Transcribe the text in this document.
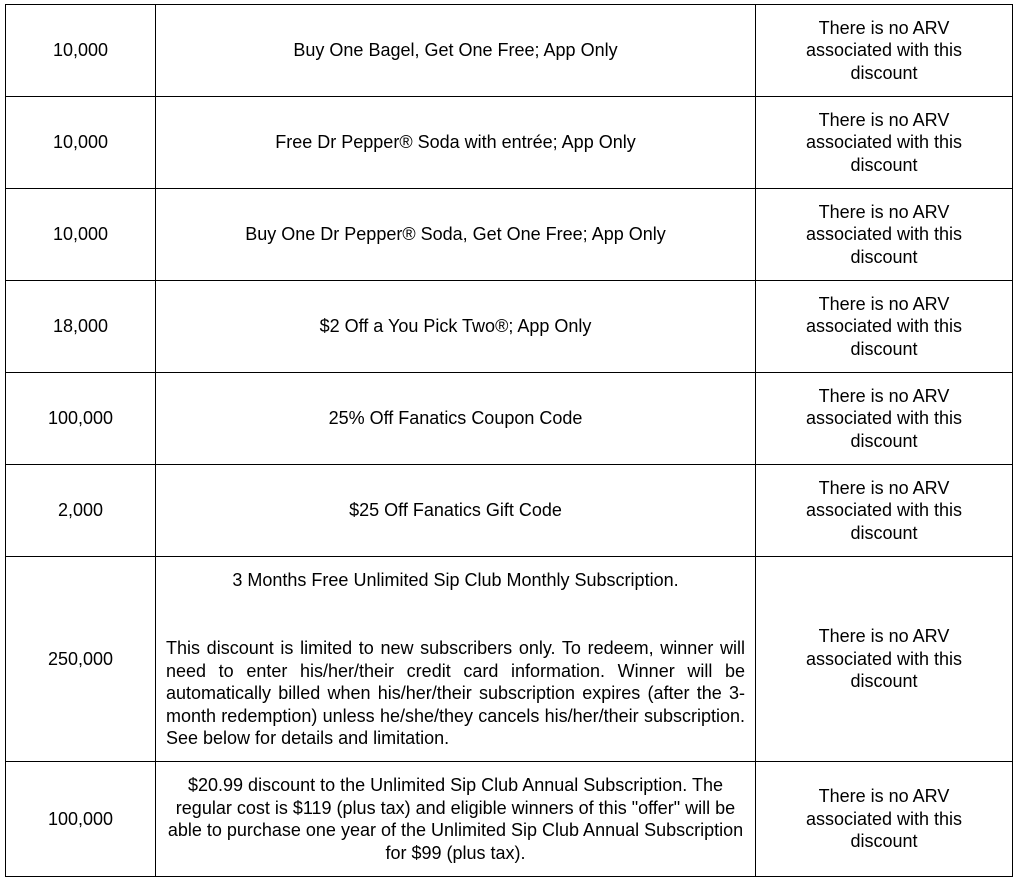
10,000	Buy One Bagel, Get One Free; App Only	There is no ARV associated with this discount

10,000	Free Dr Pepper® Soda with entrée; App Only	There is no ARV associated with this discount

10,000	Buy One Dr Pepper® Soda, Get One Free; App Only	There is no ARV associated with this discount

18,000	$2 Off a You Pick Two®; App Only	There is no ARV associated with this discount

100,000	25% Off Fanatics Coupon Code	There is no ARV associated with this discount

2,000	$25 Off Fanatics Gift Code	There is no ARV associated with this discount

250,000	3 Months Free Unlimited Sip Club Monthly Subscription.
This discount is limited to new subscribers only. To redeem, winner will need to enter his/her/their credit card information. Winner will be automatically billed when his/her/their subscription expires (after the 3-month redemption) unless he/she/they cancels his/her/their subscription. See below for details and limitation.	There is no ARV associated with this discount

100,000	$20.99 discount to the Unlimited Sip Club Annual Subscription. The regular cost is $119 (plus tax) and eligible winners of this "offer" will be able to purchase one year of the Unlimited Sip Club Annual Subscription for $99 (plus tax).	There is no ARV associated with this discount
